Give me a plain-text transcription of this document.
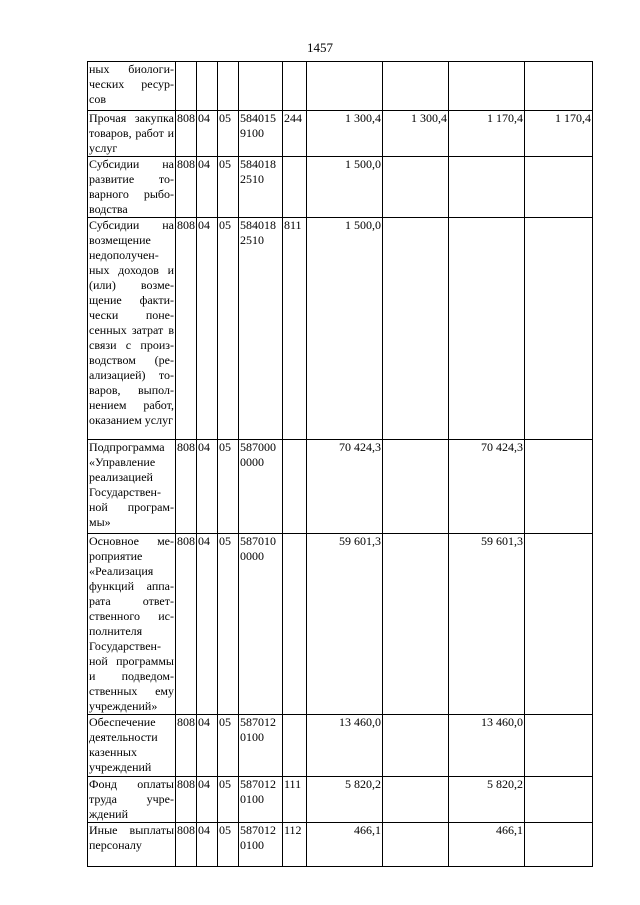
1457
ных биологи-ческих ресур-сов									
Прочая закупка товаров, работ и услуг	808	04	05	5840159100	244	1 300,4	1 300,4	1 170,4	1 170,4
Субсидии на развитие то-варного рыбо-водства	808	04	05	5840182510		1 500,0			
Субсидии на возмещение недополучен-ных доходов и (или) возме-щение факти-чески поне-сенных затрат в связи с произ-водством (ре-ализацией) то-варов, выпол-нением работ, оказанием услуг	808	04	05	5840182510	811	1 500,0			
Подпрограмма «Управление реализацией Государствен-ной програм-мы»	808	04	05	5870000000		70 424,3		70 424,3	
Основное ме-роприятие «Реализация функций аппа-рата ответ-ственного ис-полнителя Государствен-ной программы и подведом-ственных ему учреждений»	808	04	05	5870100000		59 601,3		59 601,3	
Обеспечение деятельности казенных учреждений	808	04	05	5870120100		13 460,0		13 460,0	
Фонд оплаты труда учре-ждений	808	04	05	5870120100	111	5 820,2		5 820,2	
Иные выплаты персоналу	808	04	05	5870120100	112	466,1		466,1	
